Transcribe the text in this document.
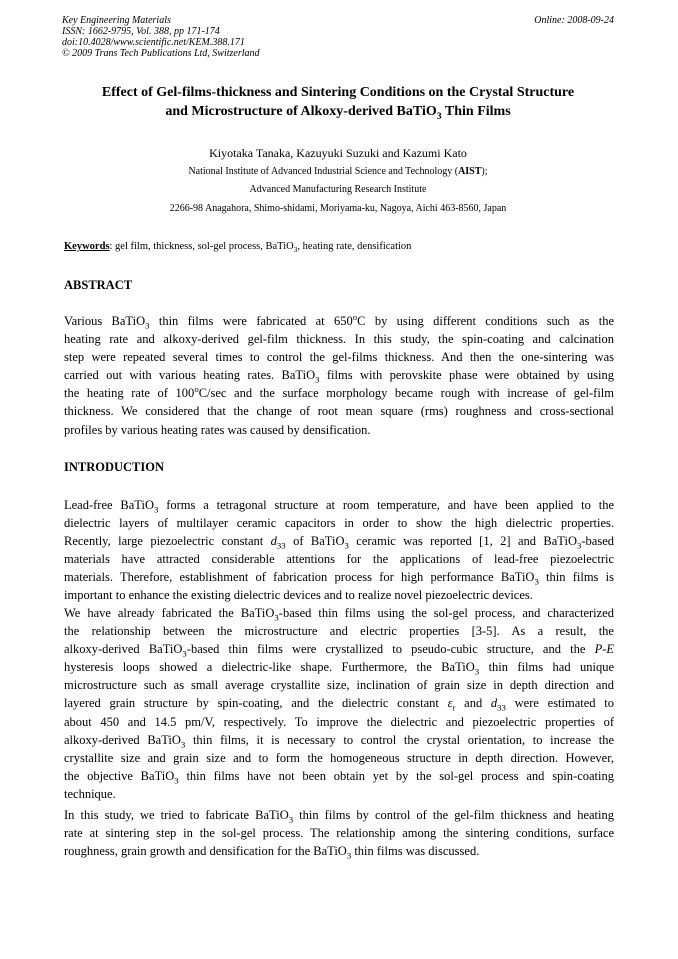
Key Engineering Materials
ISSN: 1662-9795, Vol. 388, pp 171-174
doi:10.4028/www.scientific.net/KEM.388.171
© 2009 Trans Tech Publications Ltd, Switzerland
Online: 2008-09-24
Effect of Gel-films-thickness and Sintering Conditions on the Crystal Structure
and Microstructure of Alkoxy-derived BaTiO$_3$ Thin Films
Kiyotaka Tanaka, Kazuyuki Suzuki and Kazumi Kato
National Institute of Advanced Industrial Science and Technology (AIST);
Advanced Manufacturing Research Institute
2266-98 Anagahora, Shimo-shidami, Moriyama-ku, Nagoya, Aichi 463-8560, Japan
Keywords: gel film, thickness, sol-gel process, BaTiO$_3$, heating rate, densification
ABSTRACT
Various BaTiO$_3$ thin films were fabricated at 650$^o$C by using different conditions such as the
heating rate and alkoxy-derived gel-film thickness. In this study, the spin-coating and calcination
step were repeated several times to control the gel-films thickness. And then the one-sintering was
carried out with various heating rates. BaTiO$_3$ films with perovskite phase were obtained by using
the heating rate of 100$^o$C/sec and the surface morphology became rough with increase of gel-film
thickness. We considered that the change of root mean square (rms) roughness and cross-sectional
profiles by various heating rates was caused by densification.
INTRODUCTION
Lead-free BaTiO$_3$ forms a tetragonal structure at room temperature, and have been applied to the
dielectric layers of multilayer ceramic capacitors in order to show the high dielectric properties.
Recently, large piezoelectric constant $d_{33}$ of BaTiO$_3$ ceramic was reported [1, 2] and BaTiO$_3$-based
materials have attracted considerable attentions for the applications of lead-free piezoelectric
materials. Therefore, establishment of fabrication process for high performance BaTiO$_3$ thin films is
important to enhance the existing dielectric devices and to realize novel piezoelectric devices.
We have already fabricated the BaTiO$_3$-based thin films using the sol-gel process, and characterized
the relationship between the microstructure and electric properties [3-5]. As a result, the
alkoxy-derived BaTiO$_3$-based thin films were crystallized to pseudo-cubic structure, and the P-E
hysteresis loops showed a dielectric-like shape. Furthermore, the BaTiO$_3$ thin films had unique
microstructure such as small average crystallite size, inclination of grain size in depth direction and
layered grain structure by spin-coating, and the dielectric constant $\varepsilon_r$ and $d_{33}$ were estimated to
about 450 and 14.5 pm/V, respectively. To improve the dielectric and piezoelectric properties of
alkoxy-derived BaTiO$_3$ thin films, it is necessary to control the crystal orientation, to increase the
crystallite size and grain size and to form the homogeneous structure in depth direction. However,
the objective BaTiO$_3$ thin films have not been obtain yet by the sol-gel process and spin-coating
technique.
In this study, we tried to fabricate BaTiO$_3$ thin films by control of the gel-film thickness and heating
rate at sintering step in the sol-gel process. The relationship among the sintering conditions, surface
roughness, grain growth and densification for the BaTiO$_3$ thin films was discussed.
